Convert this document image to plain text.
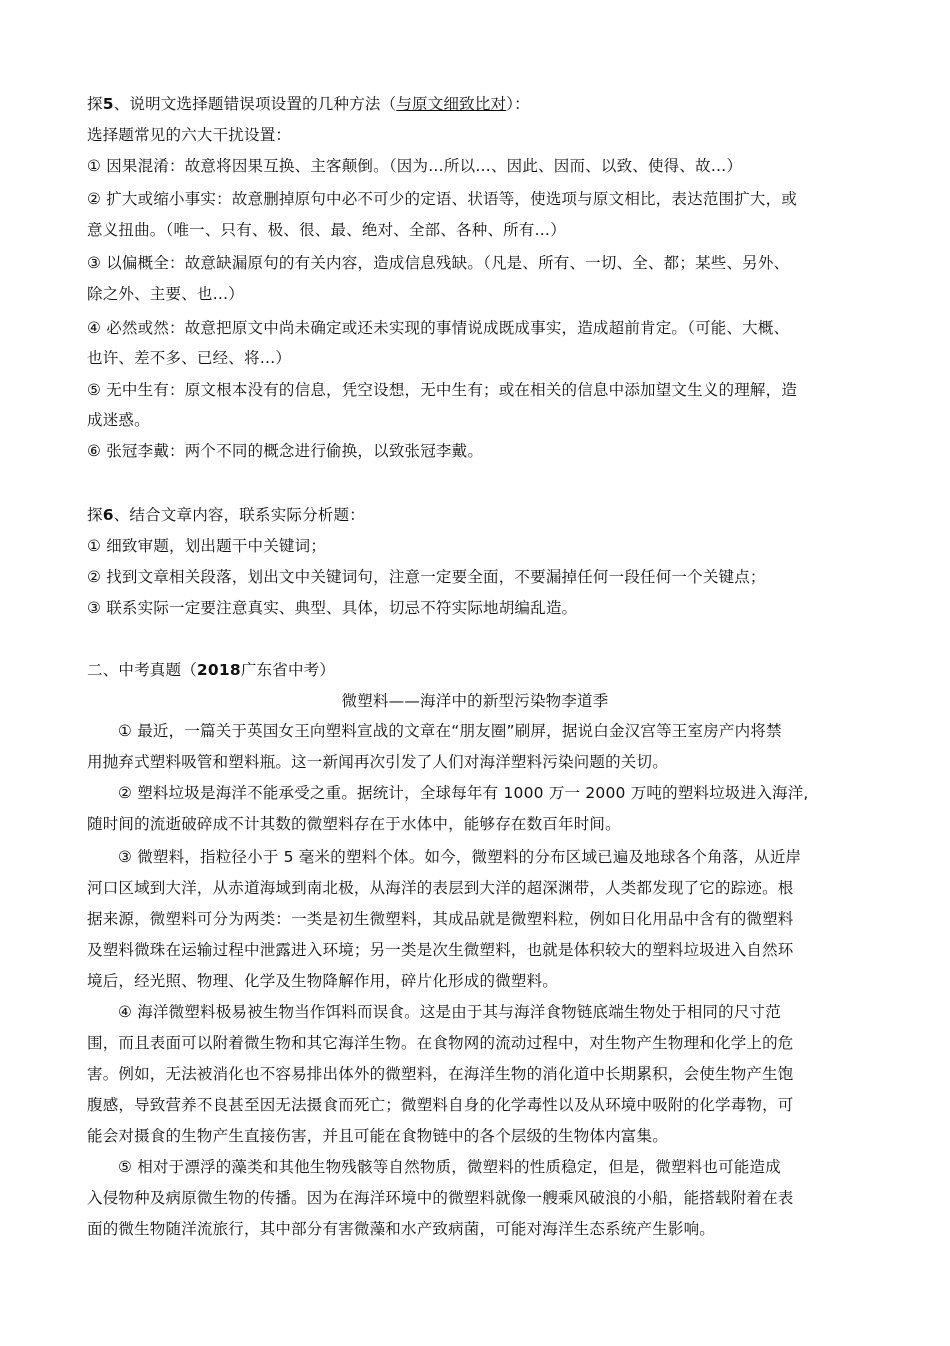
探5、说明文选择题错误项设置的几种方法（与原文细致比对）：
选择题常见的六大干扰设置：
① 因果混淆：故意将因果互换、主客颠倒。（因为…所以…、因此、因而、以致、使得、故…）
② 扩大或缩小事实：故意删掉原句中必不可少的定语、状语等，使选项与原文相比，表达范围扩大，或
意义扭曲。（唯一、只有、极、很、最、绝对、全部、各种、所有…）
③ 以偏概全：故意缺漏原句的有关内容，造成信息残缺。（凡是、所有、一切、全、都；某些、另外、
除之外、主要、也…）
④ 必然或然：故意把原文中尚未确定或还未实现的事情说成既成事实，造成超前肯定。（可能、大概、
也许、差不多、已经、将…）
⑤ 无中生有：原文根本没有的信息，凭空设想，无中生有；或在相关的信息中添加望文生义的理解，造
成迷惑。
⑥ 张冠李戴：两个不同的概念进行偷换，以致张冠李戴。
探6、结合文章内容，联系实际分析题：
① 细致审题，划出题干中关键词；
② 找到文章相关段落，划出文中关键词句，注意一定要全面，不要漏掉任何一段任何一个关键点；
③ 联系实际一定要注意真实、典型、具体，切忌不符实际地胡编乱造。
二、中考真题（2018广东省中考）
微塑料——海洋中的新型污染物李道季
① 最近，一篇关于英国女王向塑料宣战的文章在“朋友圈”刷屏，据说白金汉宫等王室房产内将禁
用抛弃式塑料吸管和塑料瓶。这一新闻再次引发了人们对海洋塑料污染问题的关切。
② 塑料垃圾是海洋不能承受之重。据统计，全球每年有 1000 万一 2000 万吨的塑料垃圾进入海洋,
随时间的流逝破碎成不计其数的微塑料存在于水体中，能够存在数百年时间。
③ 微塑料，指粒径小于 5 毫米的塑料个体。如今，微塑料的分布区域已遍及地球各个角落，从近岸
河口区域到大洋，从赤道海域到南北极，从海洋的表层到大洋的超深渊带，人类都发现了它的踪迹。根
据来源，微塑料可分为两类：一类是初生微塑料，其成品就是微塑料粒，例如日化用品中含有的微塑料
及塑料微珠在运输过程中泄露进入环境；另一类是次生微塑料，也就是体积较大的塑料垃圾进入自然环
境后，经光照、物理、化学及生物降解作用，碎片化形成的微塑料。
④ 海洋微塑料极易被生物当作饵料而误食。这是由于其与海洋食物链底端生物处于相同的尺寸范
围，而且表面可以附着微生物和其它海洋生物。在食物网的流动过程中，对生物产生物理和化学上的危
害。例如，无法被消化也不容易排出体外的微塑料，在海洋生物的消化道中长期累积，会使生物产生饱
腹感，导致营养不良甚至因无法摄食而死亡；微塑料自身的化学毒性以及从环境中吸附的化学毒物，可
能会对摄食的生物产生直接伤害，并且可能在食物链中的各个层级的生物体内富集。
⑤ 相对于漂浮的藻类和其他生物残骸等自然物质，微塑料的性质稳定，但是，微塑料也可能造成
入侵物种及病原微生物的传播。因为在海洋环境中的微塑料就像一艘乘风破浪的小船，能搭载附着在表
面的微生物随洋流旅行，其中部分有害微藻和水产致病菌，可能对海洋生态系统产生影响。
